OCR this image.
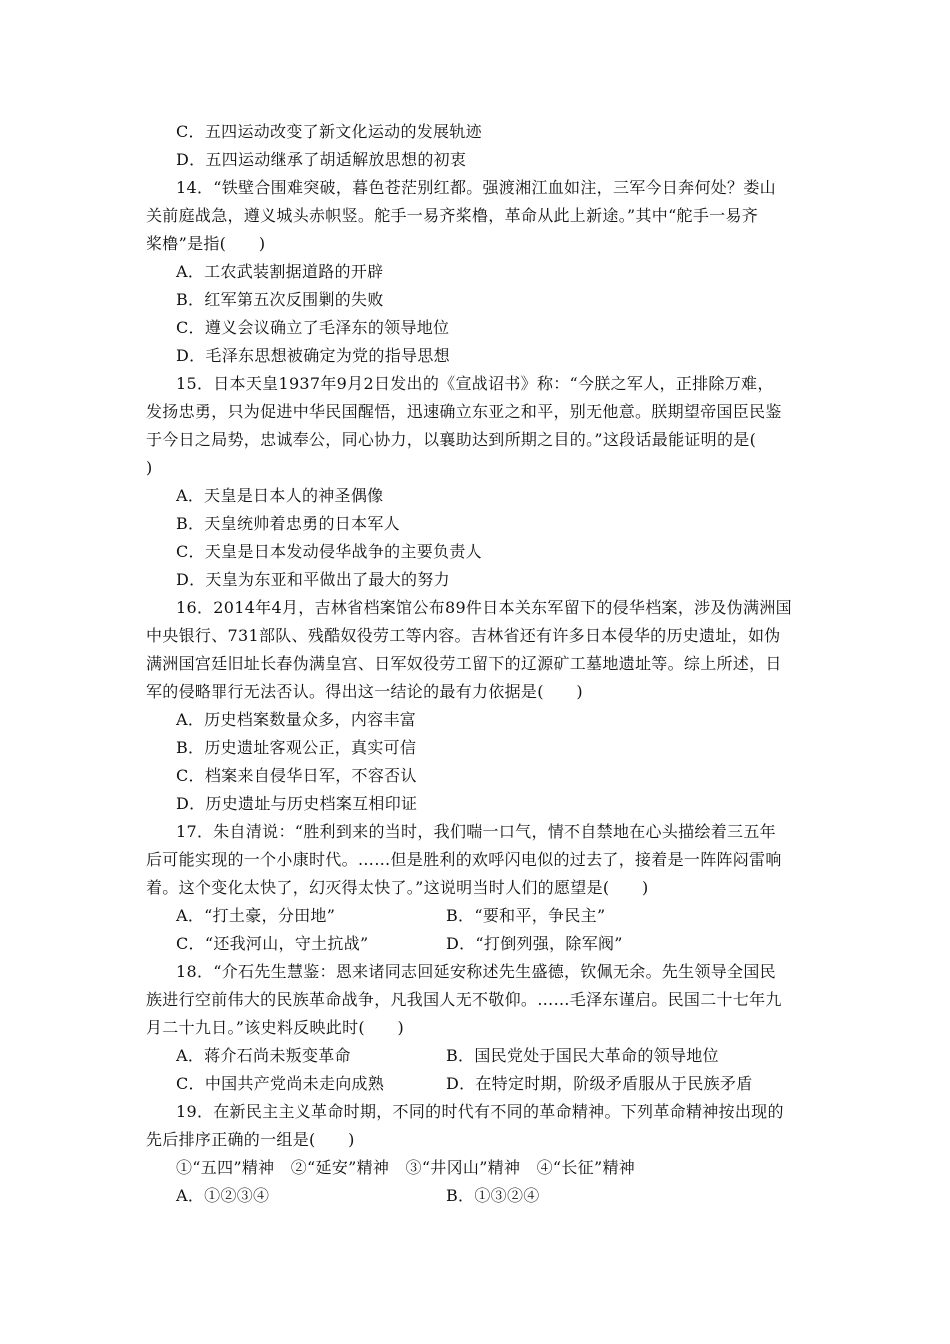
C．五四运动改变了新文化运动的发展轨迹
D．五四运动继承了胡适解放思想的初衷
14．“铁壁合围难突破，暮色苍茫别红都。强渡湘江血如注，三军今日奔何处？娄山
关前庭战急，遵义城头赤帜竖。舵手一易齐桨橹，革命从此上新途。”其中“舵手一易齐
桨橹”是指(　　)
A．工农武装割据道路的开辟
B．红军第五次反围剿的失败
C．遵义会议确立了毛泽东的领导地位
D．毛泽东思想被确定为党的指导思想
15．日本天皇1937年9月2日发出的《宣战诏书》称：“今朕之军人，正排除万难，
发扬忠勇，只为促进中华民国醒悟，迅速确立东亚之和平，别无他意。朕期望帝国臣民鉴
于今日之局势，忠诚奉公，同心协力，以襄助达到所期之目的。”这段话最能证明的是(
)
A．天皇是日本人的神圣偶像
B．天皇统帅着忠勇的日本军人
C．天皇是日本发动侵华战争的主要负责人
D．天皇为东亚和平做出了最大的努力
16．2014年4月，吉林省档案馆公布89件日本关东军留下的侵华档案，涉及伪满洲国
中央银行、731部队、残酷奴役劳工等内容。吉林省还有许多日本侵华的历史遗址，如伪
满洲国宫廷旧址长春伪满皇宫、日军奴役劳工留下的辽源矿工墓地遗址等。综上所述，日
军的侵略罪行无法否认。得出这一结论的最有力依据是(　　)
A．历史档案数量众多，内容丰富
B．历史遗址客观公正，真实可信
C．档案来自侵华日军，不容否认
D．历史遗址与历史档案互相印证
17．朱自清说：“胜利到来的当时，我们喘一口气，情不自禁地在心头描绘着三五年
后可能实现的一个小康时代。……但是胜利的欢呼闪电似的过去了，接着是一阵阵闷雷响
着。这个变化太快了，幻灭得太快了。”这说明当时人们的愿望是(　　)
A．“打土豪，分田地”	B．“要和平，争民主”
C．“还我河山，守土抗战”	D．“打倒列强，除军阀”
18．“介石先生慧鉴：恩来诸同志回延安称述先生盛德，钦佩无余。先生领导全国民
族进行空前伟大的民族革命战争，凡我国人无不敬仰。……毛泽东谨启。民国二十七年九
月二十九日。”该史料反映此时(　　)
A．蒋介石尚未叛变革命	B．国民党处于国民大革命的领导地位
C．中国共产党尚未走向成熟	D．在特定时期，阶级矛盾服从于民族矛盾
19．在新民主主义革命时期，不同的时代有不同的革命精神。下列革命精神按出现的
先后排序正确的一组是(　　)
①“五四”精神　②“延安”精神　③“井冈山”精神　④“长征”精神
A．①②③④	B．①③②④
